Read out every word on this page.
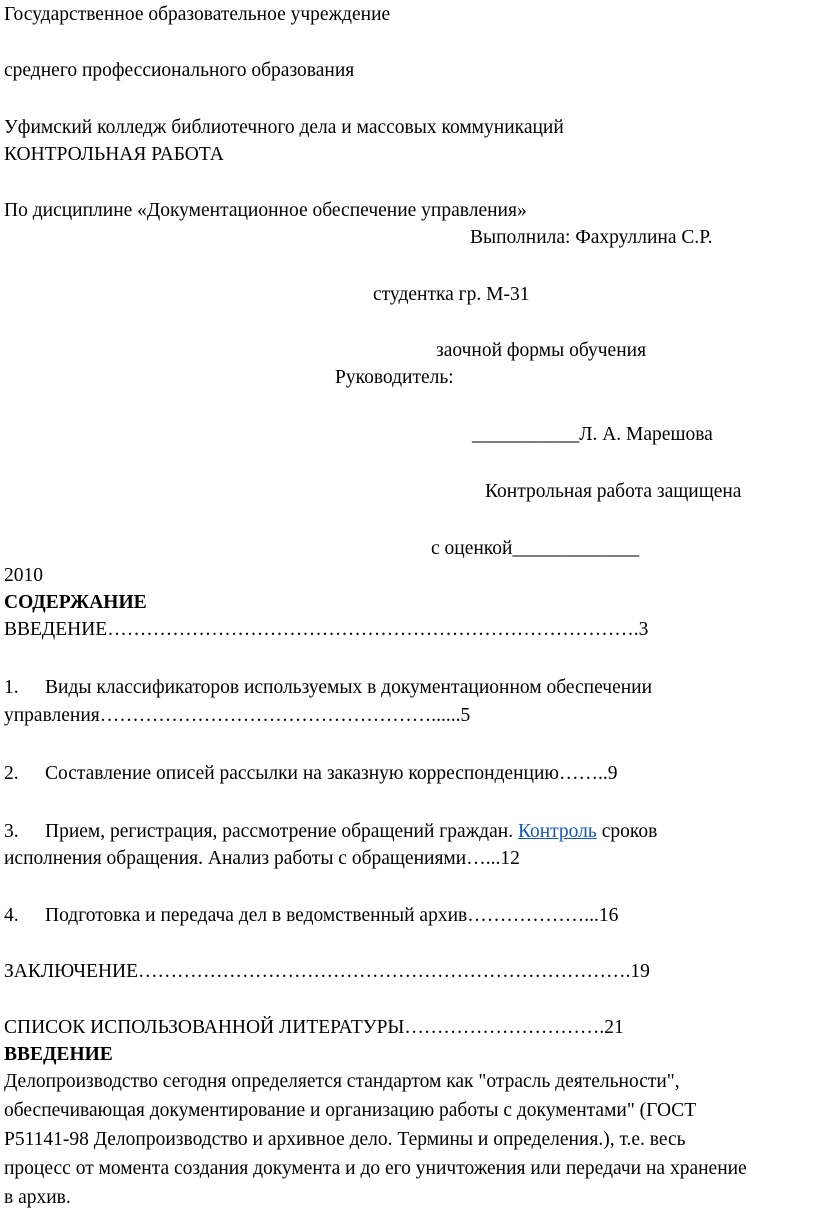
Государственное образовательное учреждение
среднего профессионального образования
Уфимский колледж библиотечного дела и массовых коммуникаций
КОНТРОЛЬНАЯ РАБОТА
По дисциплине «Документационное обеспечение управления»
Выполнила: Фахруллина С.Р.
студентка гр. М-31
заочной формы обучения
Руководитель:
___________Л. А. Марешова
Контрольная работа защищена
с оценкой_____________
2010
СОДЕРЖАНИЕ
ВВЕДЕНИЕ……………………………………………………………………….3
1. Виды классификаторов используемых в документационном обеспечении
управления……………………………………………......5
2. Составление описей рассылки на заказную корреспонденцию……..9
3. Прием, регистрация, рассмотрение обращений граждан. Контроль сроков
исполнения обращения. Анализ работы с обращениями…...12
4. Подготовка и передача дел в ведомственный архив………………...16
ЗАКЛЮЧЕНИЕ………………………………………………………………….19
СПИСОК ИСПОЛЬЗОВАННОЙ ЛИТЕРАТУРЫ………………………….21
ВВЕДЕНИЕ
Делопроизводство сегодня определяется стандартом как "отрасль деятельности",
обеспечивающая документирование и организацию работы с документами" (ГОСТ
Р51141-98 Делопроизводство и архивное дело. Термины и определения.), т.е. весь
процесс от момента создания документа и до его уничтожения или передачи на хранение
в архив.
